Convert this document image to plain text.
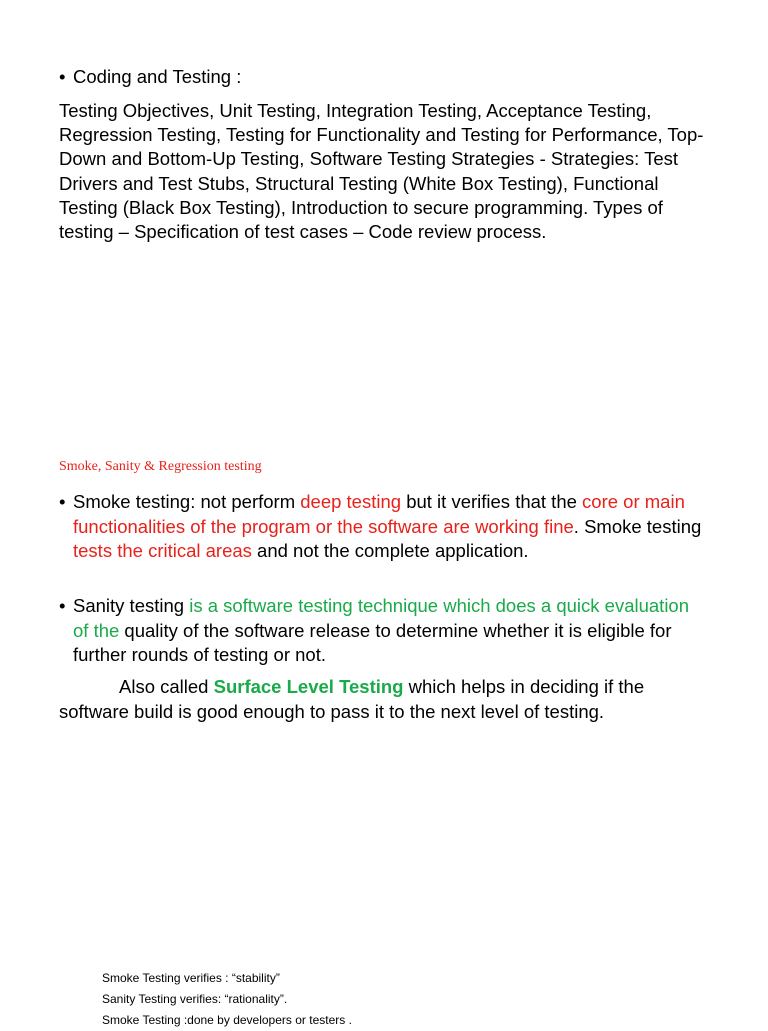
• Coding and Testing :
Testing Objectives, Unit Testing, Integration Testing, Acceptance Testing, Regression Testing, Testing for Functionality and Testing for Performance, Top-Down and Bottom-Up Testing, Software Testing Strategies - Strategies: Test Drivers and Test Stubs, Structural Testing (White Box Testing), Functional Testing (Black Box Testing), Introduction to secure programming. Types of testing – Specification of test cases – Code review process.
Smoke, Sanity & Regression testing
• Smoke testing: not perform deep testing but it verifies that the core or main functionalities of the program or the software are working fine. Smoke testing tests the critical areas and not the complete application.
• Sanity testing is a software testing technique which does a quick evaluation of the quality of the software release to determine whether it is eligible for further rounds of testing or not.
Also called Surface Level Testing which helps in deciding if the software build is good enough to pass it to the next level of testing.
Smoke Testing verifies : “stability”
Sanity Testing verifies: “rationality”.
Smoke Testing :done by developers or testers .
